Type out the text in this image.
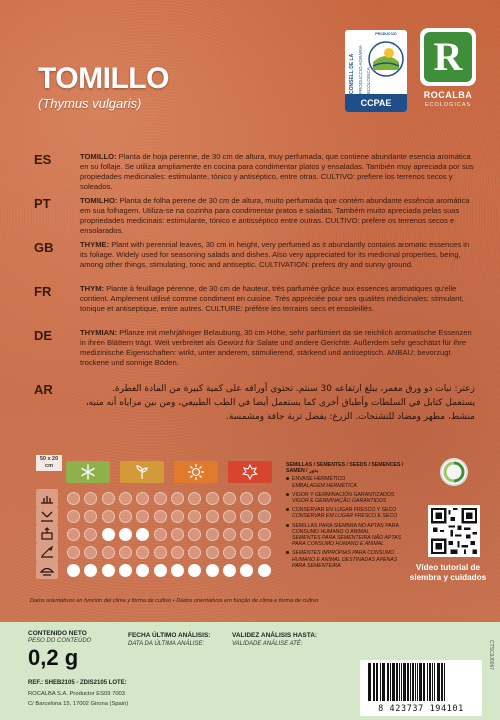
TOMILLO
(Thymus vulgaris)
CONSELL DE LA PRODUCCIÓ AGRÀRIA ECOLÒGICA
PRODUCCIÓ
CCPAE
R
ROCALBA
ECOLOGICAS
ES	TOMILLO: Planta de hoja perenne, de 30 cm de altura, muy perfumada, que contiene abundante esencia aromática en su follaje. Se utiliza ampliamente en cocina para condimentar platos y ensaladas. También muy apreciada por sus propiedades medicinales: estimulante, tónico y antiséptico, entre otras. CULTIVO: prefiere los terrenos secos y soleados.
PT	TOMILHO: Planta de folha perene de 30 cm de altura, muito perfumada que contém abundante essência aromática em sua folhagem. Utiliza-se na cozinha para condimentar pratos e saladas. Também muito apreciada pelas suas propriedades medicinais: estimulante, tónico e antisséptico entre outras. CULTIVO: prefere os terrenos secos e ensolarados.
GB	THYME: Plant with perennial leaves, 30 cm in height, very perfumed as it abundantly contains aromatic essences in its foliage. Widely used for seasoning salads and dishes. Also very appreciated for its medicinal properties, being, among other things, stimulating, tonic and antiseptic. CULTIVATION: prefers dry and sunny ground.
FR	THYM: Plante à feuillage pérenne, de 30 cm de hauteur, très parfumée grâce aux essences aromatiques qu'elle contient. Amplement utilisé comme condiment en cuisine. Très appréciée pour ses qualités médicinales: stimulant, tonique et antiseptique, entre autres. CULTURE: préfère les terrains secs et ensoleillés.
DE	THYMIAN: Pflanze mit mehrjähriger Belaubung, 30 cm Höhe, sehr parfümiert da sie reichlich aromatische Essenzen in ihren Blättern trägt. Weit verbreitet als Gewürz für Salate und andere Gerichte. Außerdem sehr geschätzt für ihre medizinische Eigenschaften: wirkt, unter anderem, stimulierend, stärkend und antiseptisch. ANBAU: bevorzugt trockene und sonnige Böden.
AR	زعتر: نبات ذو ورق معمر، يبلغ ارتفاعه 30 سنتم. تحتوي أوراقه على كمية كبيرة من المادة العطرة. يستعمل كتابل في السلطات وأطباق أخرى كما يستعمل أيضا في الطب الطبيعي، ومن بين مزاياه أنه منبه، منشط، مطهر ومضاد للتشنجات. الزرع: يفضل تربة جافة ومشمسة.
50 x 20
cm	SEMILLAS / SEMENTES / SEEDS / SEMENCES / SAMEN / بذور
ENVASE HERMÉTICO
EMBALAGEM HERMÉTICA
VIGOR Y GERMINACIÓN GARANTIZADOS
VIGOR E GERMINAÇÃO GARANTIDOS
CONSERVAR EN LUGAR FRESCO Y SECO
CONSERVAR EM LUGAR FRESCO E SECO
SEMILLAS PARA SIEMBRA NO APTAS PARA CONSUMO HUMANO O ANIMAL
SEMENTES PARA SEMENTEIRA NÃO APTAS PARA CONSUMO HUMANO E ANIMAL
SEMENTES IMPRÓPIAS PARA CONSUMO HUMANO E ANIMAL DESTINADAS APENAS PARA SEMENTEIRA	Vídeo tutorial de
siembra y cuidados
Datos orientativos en función del clima y forma de cultivo • Dados orientativos em função de clima e forma de cultivo
CONTENIDO NETO
PESO DO CONTEÚDO
0,2 g
FECHA ÚLTIMO ANÁLISIS:
DATA DA ÚLTIMA ANÁLISE:
VALIDEZ ANÁLISIS HASTA:
VALIDADE ANÁLISE ATÉ:
REF.: SHEB2105 - ZDIS2105 LOTE:
ROCALBA S.A. Productor ES09 7003
C/ Barcelona 15, 17002 Girona (Spain)	8 423737 194101
CTSC9J0067
